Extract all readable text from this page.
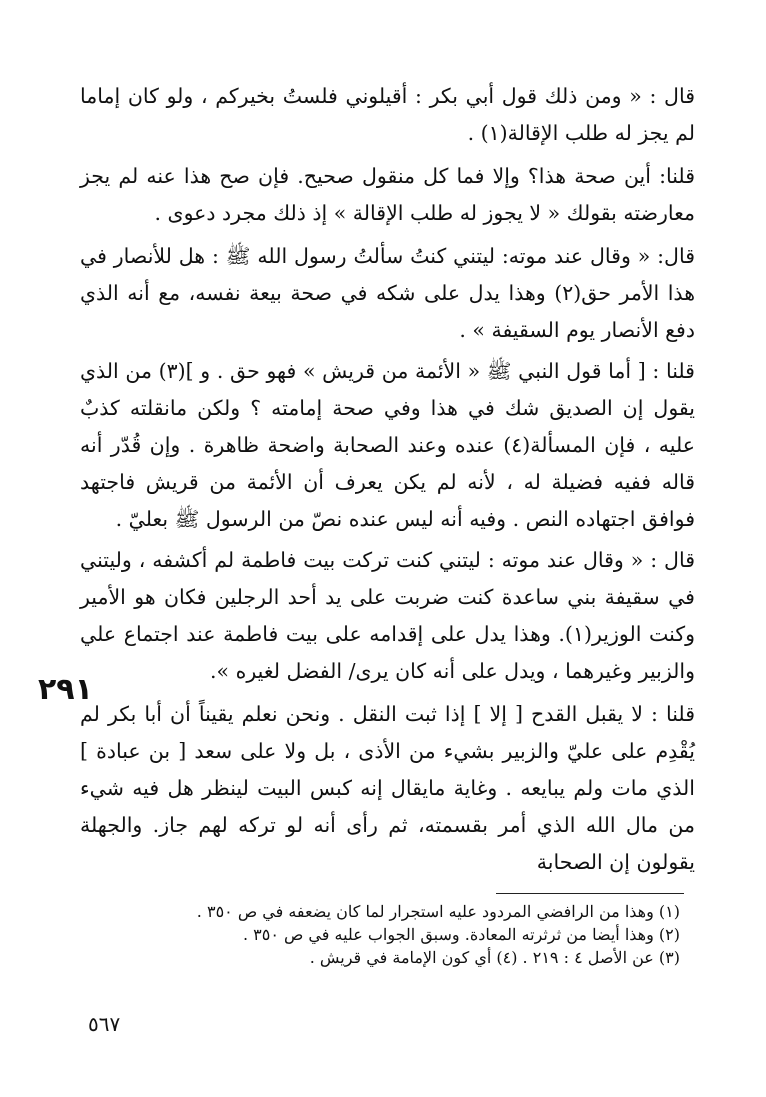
قال : « ومن ذلك قول أبي بكر : أقيلوني فلستُ بخيركم ، ولو كان إماما لم يجز له طلب الإقالة(١) .

قلنا: أين صحة هذا؟ وإلا فما كل منقول صحيح. فإن صح هذا عنه لم يجز معارضته بقولك « لا يجوز له طلب الإقالة » إذ ذلك مجرد دعوى .

قال: « وقال عند موته: ليتني كنتُ سألتُ رسول الله ﷺ : هل للأنصار في هذا الأمر حق(٢) وهذا يدل على شكه في صحة بيعة نفسه، مع أنه الذي دفع الأنصار يوم السقيفة » .

قلنا : [ أما قول النبي ﷺ « الأئمة من قريش » فهو حق . و ](٣) من الذي يقول إن الصديق شك في هذا وفي صحة إمامته ؟ ولكن مانقلته كذبٌ عليه ، فإن المسألة(٤) عنده وعند الصحابة واضحة ظاهرة . وإن قُدّر أنه قاله ففيه فضيلة له ، لأنه لم يكن يعرف أن الأئمة من قريش فاجتهد فوافق اجتهاده النص . وفيه أنه ليس عنده نصّ من الرسول ﷺ بعليّ .

قال : « وقال عند موته : ليتني كنت تركت بيت فاطمة لم أكشفه ، وليتني في سقيفة بني ساعدة كنت ضربت على يد أحد الرجلين فكان هو الأمير وكنت الوزير(١). وهذا يدل على إقدامه على بيت فاطمة عند اجتماع علي والزبير وغيرهما ، ويدل على أنه كان يرى/ الفضل لغيره ».

قلنا : لا يقبل القدح [ إلا ] إذا ثبت النقل . ونحن نعلم يقيناً أن أبا بكر لم يُقْدِم على عليّ والزبير بشيء من الأذى ، بل ولا على سعد [ بن عبادة ] الذي مات ولم يبايعه . وغاية مايقال إنه كبس البيت لينظر هل فيه شيء من مال الله الذي أمر بقسمته، ثم رأى أنه لو تركه لهم جاز. والجهلة يقولون إن الصحابة

٢٩١
(١) وهذا من الرافضي المردود عليه استجرار لما كان يضعفه في ص ٣٥٠ .
(٢) وهذا أيضا من ثرثرته المعادة. وسبق الجواب عليه في ص ٣٥٠ .
(٣) عن الأصل ٤ : ٢١٩ . (٤) أي كون الإمامة في قريش .
٥٦٧
